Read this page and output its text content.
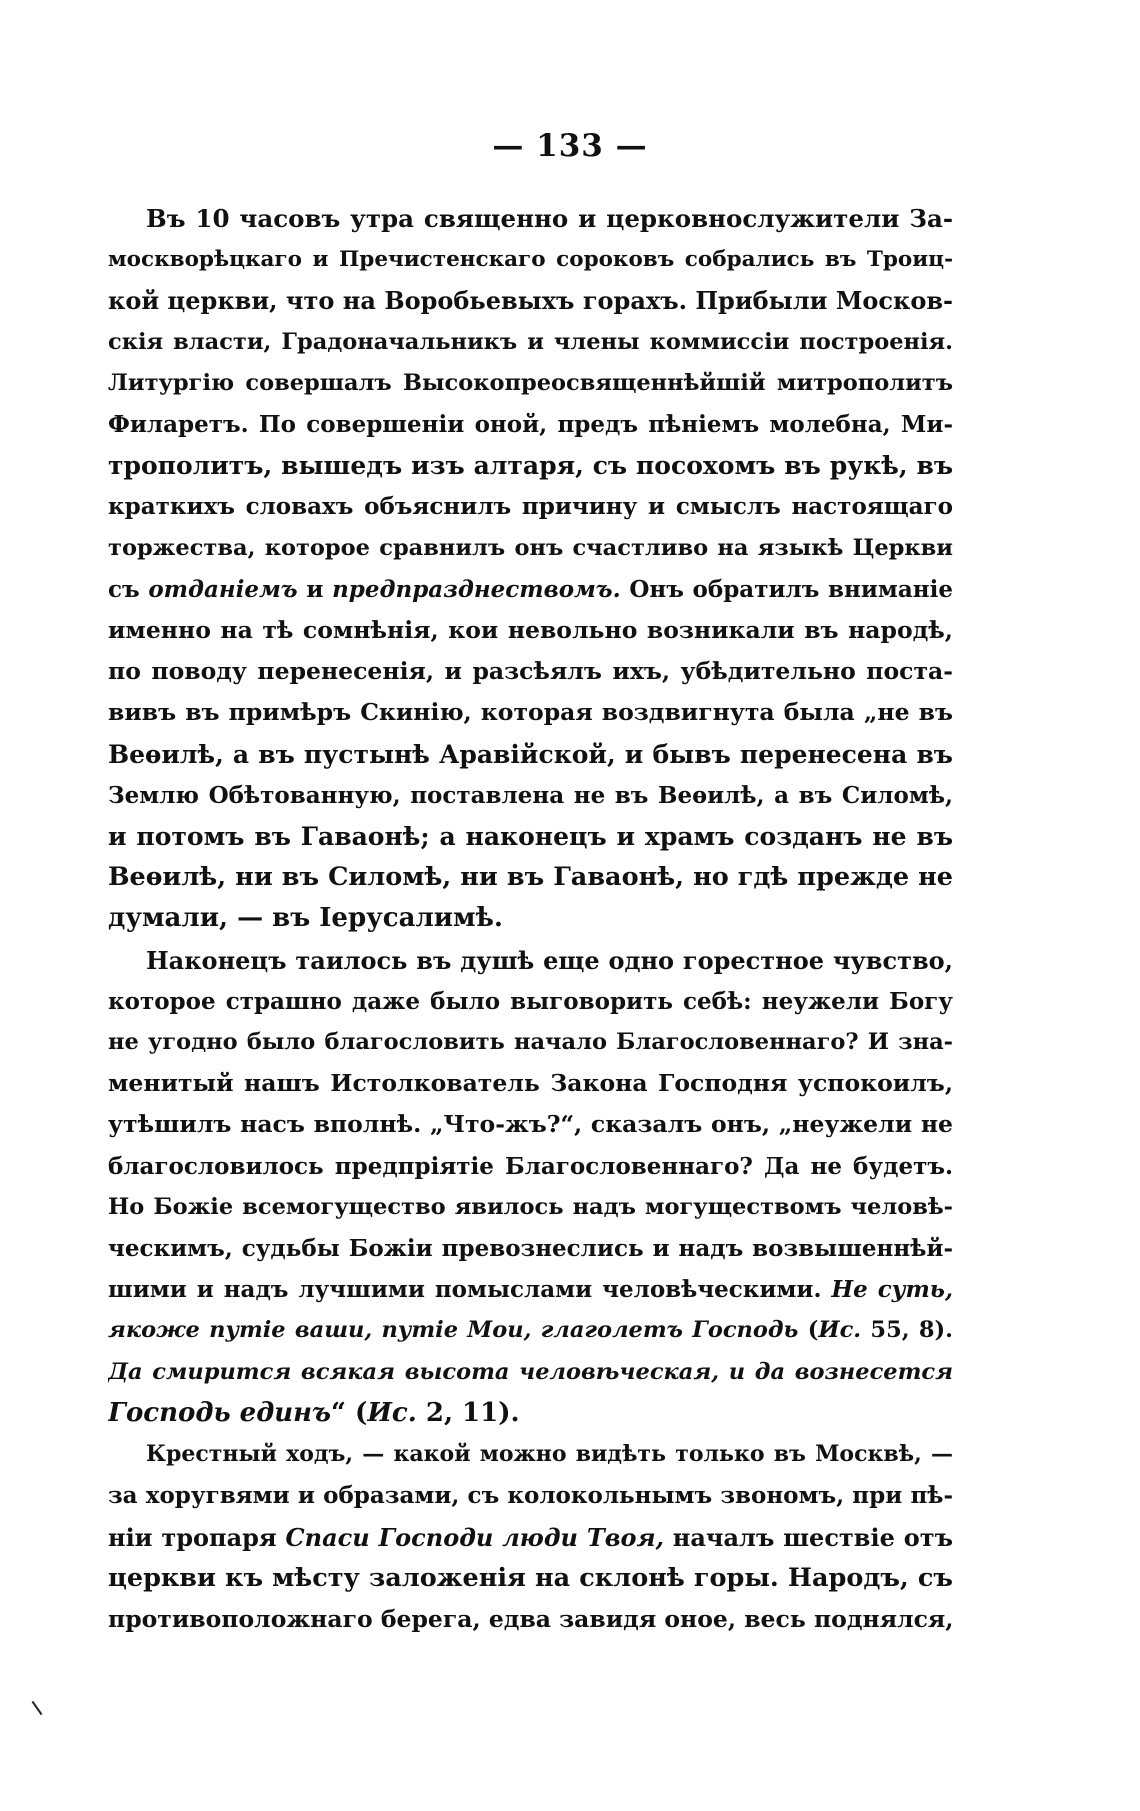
— 133 —

Въ 10 часовъ утра священно и церковнослужители За-

москворѣцкаго и Пречистенскаго сороковъ собрались въ Троиц-

кой церкви, что на Воробьевыхъ горахъ. Прибыли Москов-

скія власти, Градоначальникъ и члены коммиссіи построенія.

Литургію совершалъ Высокопреосвященнѣйшій митрополитъ

Филаретъ. По совершеніи оной, предъ пѣніемъ молебна, Ми-

трополитъ, вышедъ изъ алтаря, съ посохомъ въ рукѣ, въ

краткихъ словахъ объяснилъ причину и смыслъ настоящаго

торжества, которое сравнилъ онъ счастливо на языкѣ Церкви

съ отданіемъ и предпразднествомъ. Онъ обратилъ вниманіе

именно на тѣ сомнѣнія, кои невольно возникали въ народѣ,

по поводу перенесенія, и разсѣялъ ихъ, убѣдительно поста-

вивъ въ примѣръ Скинію, которая воздвигнута была „не въ

Веѳилѣ, а въ пустынѣ Аравійской, и бывъ перенесена въ

Землю Обѣтованную, поставлена не въ Веѳилѣ, а въ Силомѣ,

и потомъ въ Гаваонѣ; а наконецъ и храмъ созданъ не въ

Веѳилѣ, ни въ Силомѣ, ни въ Гаваонѣ, но гдѣ прежде не

думали, — въ Іерусалимѣ.

Наконецъ таилось въ душѣ еще одно горестное чувство,

которое страшно даже было выговорить себѣ: неужели Богу

не угодно было благословить начало Благословеннаго? И зна-

менитый нашъ Истолкователь Закона Господня успокоилъ,

утѣшилъ насъ вполнѣ. „Что-жъ?“, сказалъ онъ, „неужели не

благословилось предпріятіе Благословеннаго? Да не будетъ.

Но Божіе всемогущество явилось надъ могуществомъ человѣ-

ческимъ, судьбы Божіи превознеслись и надъ возвышеннѣй-

шими и надъ лучшими помыслами человѣческими. Не суть,

якоже путіе ваши, путіе Мои, глаголетъ Господь (Ис. 55, 8).

Да смирится всякая высота человѣческая, и да вознесется

Господь единъ“ (Ис. 2, 11).

Крестный ходъ, — какой можно видѣть только въ Москвѣ, —

за хоругвями и образами, съ колокольнымъ звономъ, при пѣ-

ніи тропаря Спаси Господи люди Твоя, началъ шествіе отъ

церкви къ мѣсту заложенія на склонѣ горы. Народъ, съ

противоположнаго берега, едва завидя оное, весь поднялся,
